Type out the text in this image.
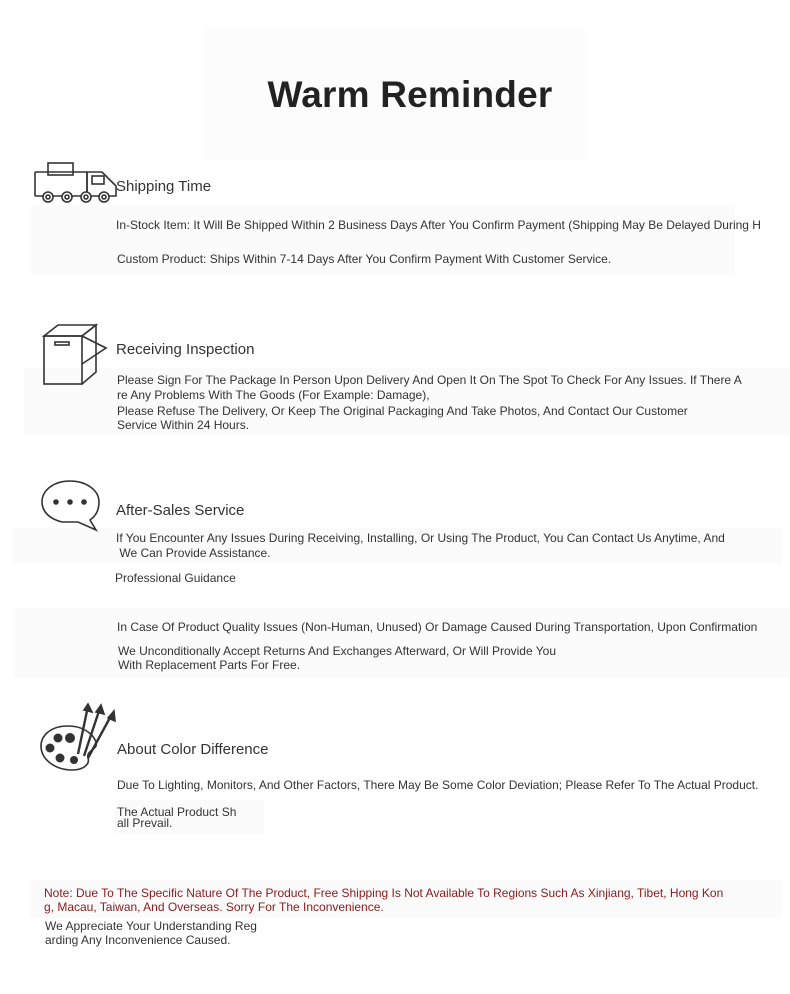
Warm Reminder
Shipping Time
In-Stock Item: It Will Be Shipped Within 2 Business Days After You Confirm Payment (Shipping May Be Delayed During H
Custom Product: Ships Within 7-14 Days After You Confirm Payment With Customer Service.
Receiving Inspection
Please Sign For The Package In Person Upon Delivery And Open It On The Spot To Check For Any Issues. If There A
re Any Problems With The Goods (For Example: Damage),
Please Refuse The Delivery, Or Keep The Original Packaging And Take Photos, And Contact Our Customer
Service Within 24 Hours.
After-Sales Service
If You Encounter Any Issues During Receiving, Installing, Or Using The Product, You Can Contact Us Anytime, And
We Can Provide Assistance.
Professional Guidance
In Case Of Product Quality Issues (Non-Human, Unused) Or Damage Caused During Transportation, Upon Confirmation
We Unconditionally Accept Returns And Exchanges Afterward, Or Will Provide You
With Replacement Parts For Free.
About Color Difference
Due To Lighting, Monitors, And Other Factors, There May Be Some Color Deviation; Please Refer To The Actual Product.
The Actual Product Sh
all Prevail.
Note: Due To The Specific Nature Of The Product, Free Shipping Is Not Available To Regions Such As Xinjiang, Tibet, Hong Kon
g, Macau, Taiwan, And Overseas. Sorry For The Inconvenience.
We Appreciate Your Understanding Reg
arding Any Inconvenience Caused.
